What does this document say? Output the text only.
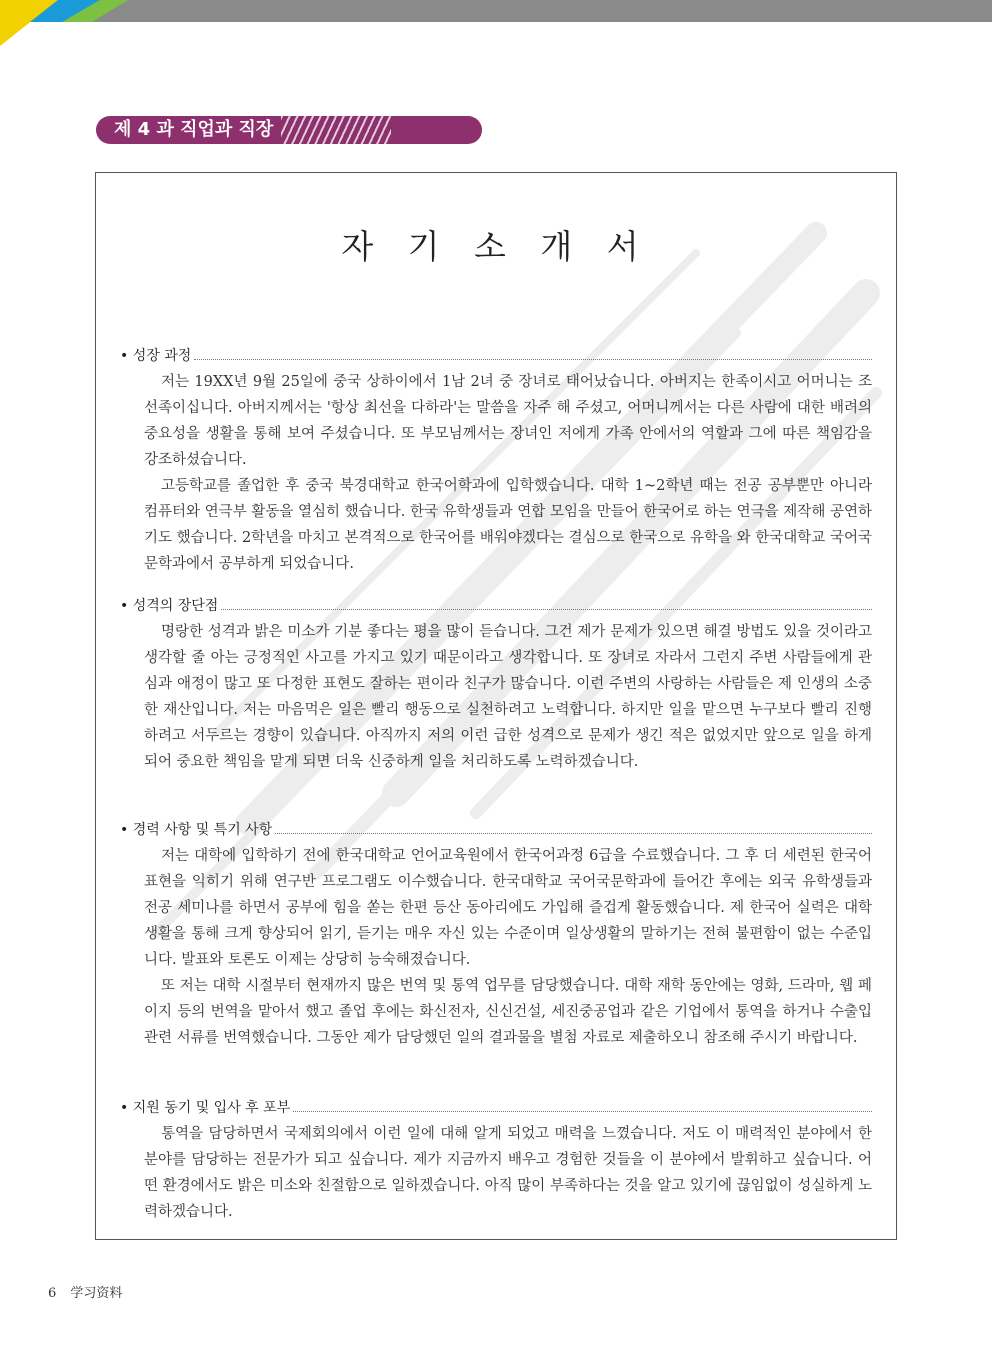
제 4 과 직업과 직장
자 기 소 개 서
• 성장 과정

저는 19XX년 9월 25일에 중국 상하이에서 1남 2녀 중 장녀로 태어났습니다. 아버지는 한족이시고 어머니는 조선족이십니다. 아버지께서는 '항상 최선을 다하라'는 말씀을 자주 해 주셨고, 어머니께서는 다른 사람에 대한 배려의 중요성을 생활을 통해 보여 주셨습니다. 또 부모님께서는 장녀인 저에게 가족 안에서의 역할과 그에 따른 책임감을 강조하셨습니다.

고등학교를 졸업한 후 중국 북경대학교 한국어학과에 입학했습니다. 대학 1~2학년 때는 전공 공부뿐만 아니라 컴퓨터와 연극부 활동을 열심히 했습니다. 한국 유학생들과 연합 모임을 만들어 한국어로 하는 연극을 제작해 공연하기도 했습니다. 2학년을 마치고 본격적으로 한국어를 배워야겠다는 결심으로 한국으로 유학을 와 한국대학교 국어국문학과에서 공부하게 되었습니다.

• 성격의 장단점

명랑한 성격과 밝은 미소가 기분 좋다는 평을 많이 듣습니다. 그건 제가 문제가 있으면 해결 방법도 있을 것이라고 생각할 줄 아는 긍정적인 사고를 가지고 있기 때문이라고 생각합니다. 또 장녀로 자라서 그런지 주변 사람들에게 관심과 애정이 많고 또 다정한 표현도 잘하는 편이라 친구가 많습니다. 이런 주변의 사랑하는 사람들은 제 인생의 소중한 재산입니다. 저는 마음먹은 일은 빨리 행동으로 실천하려고 노력합니다. 하지만 일을 맡으면 누구보다 빨리 진행하려고 서두르는 경향이 있습니다. 아직까지 저의 이런 급한 성격으로 문제가 생긴 적은 없었지만 앞으로 일을 하게 되어 중요한 책임을 맡게 되면 더욱 신중하게 일을 처리하도록 노력하겠습니다.

• 경력 사항 및 특기 사항

저는 대학에 입학하기 전에 한국대학교 언어교육원에서 한국어과정 6급을 수료했습니다. 그 후 더 세련된 한국어 표현을 익히기 위해 연구반 프로그램도 이수했습니다. 한국대학교 국어국문학과에 들어간 후에는 외국 유학생들과 전공 세미나를 하면서 공부에 힘을 쏟는 한편 등산 동아리에도 가입해 즐겁게 활동했습니다. 제 한국어 실력은 대학 생활을 통해 크게 향상되어 읽기, 듣기는 매우 자신 있는 수준이며 일상생활의 말하기는 전혀 불편함이 없는 수준입니다. 발표와 토론도 이제는 상당히 능숙해졌습니다.

또 저는 대학 시절부터 현재까지 많은 번역 및 통역 업무를 담당했습니다. 대학 재학 동안에는 영화, 드라마, 웹 페이지 등의 번역을 맡아서 했고 졸업 후에는 화신전자, 신신건설, 세진중공업과 같은 기업에서 통역을 하거나 수출입 관련 서류를 번역했습니다. 그동안 제가 담당했던 일의 결과물을 별첨 자료로 제출하오니 참조해 주시기 바랍니다.

• 지원 동기 및 입사 후 포부

통역을 담당하면서 국제회의에서 이런 일에 대해 알게 되었고 매력을 느꼈습니다. 저도 이 매력적인 분야에서 한 분야를 담당하는 전문가가 되고 싶습니다. 제가 지금까지 배우고 경험한 것들을 이 분야에서 발휘하고 싶습니다. 어떤 환경에서도 밝은 미소와 친절함으로 일하겠습니다. 아직 많이 부족하다는 것을 알고 있기에 끊임없이 성실하게 노력하겠습니다.

6 学习资料
